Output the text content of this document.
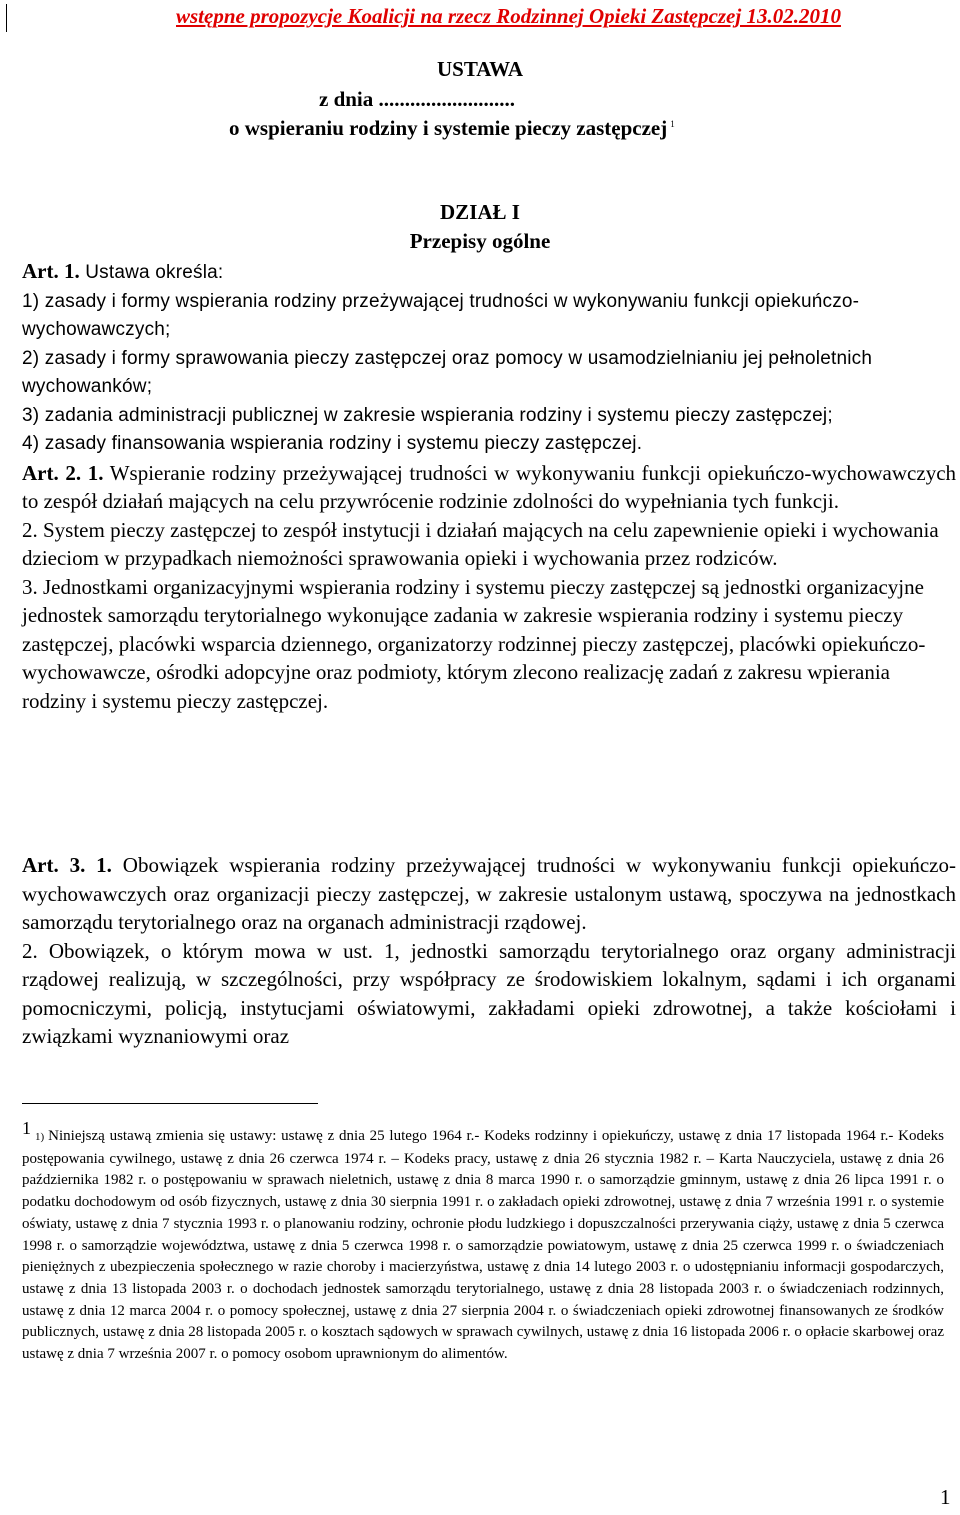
wstępne propozycje Koalicji na rzecz Rodzinnej Opieki Zastępczej 13.02.2010
USTAWA
z dnia ..........................
o wspieraniu rodziny i systemie pieczy zastępczej $^1$
DZIAŁ I
Przepisy ogólne

Art. 1. Ustawa określa:

1) zasady i formy wspierania rodziny przeżywającej trudności w wykonywaniu funkcji opiekuńczo-wychowawczych;

2) zasady i formy sprawowania pieczy zastępczej oraz pomocy w usamodzielnianiu jej pełnoletnich wychowanków;

3) zadania administracji publicznej w zakresie wspierania rodziny i systemu pieczy zastępczej;

4) zasady finansowania wspierania rodziny i systemu pieczy zastępczej.

Art. 2. 1. Wspieranie rodziny przeżywającej trudności w wykonywaniu funkcji opiekuńczo-wychowawczych to zespół działań mających na celu przywrócenie rodzinie zdolności do wypełniania tych funkcji.

2. System pieczy zastępczej to zespół instytucji i działań mających na celu zapewnienie opieki i wychowania dzieciom w przypadkach niemożności sprawowania opieki i wychowania przez rodziców.

3. Jednostkami organizacyjnymi wspierania rodziny i systemu pieczy zastępczej są jednostki organizacyjne jednostek samorządu terytorialnego wykonujące zadania w zakresie wspierania rodziny i systemu pieczy zastępczej, placówki wsparcia dziennego, organizatorzy rodzinnej pieczy zastępczej, placówki opiekuńczo-wychowawcze, ośrodki adopcyjne oraz podmioty, którym zlecono realizację zadań z zakresu wpierania rodziny i systemu pieczy zastępczej.

Art. 3. 1. Obowiązek wspierania rodziny przeżywającej trudności w wykonywaniu funkcji opiekuńczo-wychowawczych oraz organizacji pieczy zastępczej, w zakresie ustalonym ustawą, spoczywa na jednostkach samorządu terytorialnego oraz na organach administracji rządowej.

2. Obowiązek, o którym mowa w ust. 1, jednostki samorządu terytorialnego oraz organy administracji rządowej realizują, w szczególności, przy współpracy ze środowiskiem lokalnym, sądami i ich organami pomocniczymi, policją, instytucjami oświatowymi, zakładami opieki zdrowotnej, a także kościołami i związkami wyznaniowymi oraz

1 1) Niniejszą ustawą zmienia się ustawy: ustawę z dnia 25 lutego 1964 r.- Kodeks rodzinny i opiekuńczy, ustawę z dnia 17 listopada 1964 r.- Kodeks postępowania cywilnego, ustawę z dnia 26 czerwca 1974 r. – Kodeks pracy, ustawę z dnia 26 stycznia 1982 r. – Karta Nauczyciela, ustawę z dnia 26 października 1982 r. o postępowaniu w sprawach nieletnich, ustawę z dnia 8 marca 1990 r. o samorządzie gminnym, ustawę z dnia 26 lipca 1991 r. o podatku dochodowym od osób fizycznych, ustawę z dnia 30 sierpnia 1991 r. o zakładach opieki zdrowotnej, ustawę z dnia 7 września 1991 r. o systemie oświaty, ustawę z dnia 7 stycznia 1993 r. o planowaniu rodziny, ochronie płodu ludzkiego i dopuszczalności przerywania ciąży, ustawę z dnia 5 czerwca 1998 r. o samorządzie województwa, ustawę z dnia 5 czerwca 1998 r. o samorządzie powiatowym, ustawę z dnia 25 czerwca 1999 r. o świadczeniach pieniężnych z ubezpieczenia społecznego w razie choroby i macierzyństwa, ustawę z dnia 14 lutego 2003 r. o udostępnianiu informacji gospodarczych, ustawę z dnia 13 listopada 2003 r. o dochodach jednostek samorządu terytorialnego, ustawę z dnia 28 listopada 2003 r. o świadczeniach rodzinnych, ustawę z dnia 12 marca 2004 r. o pomocy społecznej, ustawę z dnia 27 sierpnia 2004 r. o świadczeniach opieki zdrowotnej finansowanych ze środków publicznych, ustawę z dnia 28 listopada 2005 r. o kosztach sądowych w sprawach cywilnych, ustawę z dnia 16 listopada 2006 r. o opłacie skarbowej oraz ustawę z dnia 7 września 2007 r. o pomocy osobom uprawnionym do alimentów.
1
